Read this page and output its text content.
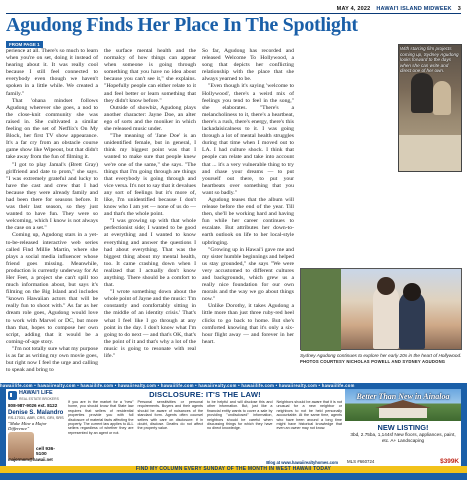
MAY 4, 2022 HAWAI'I ISLAND MIDWEEK 3
Agudong Finds Her Place In The Spotlight
FROM PAGE 1

perience at all. There's so much to learn when you're on set, doing it instead of hearing about it. It was really cool because I still feel connected to everybody even though we haven't spoken in a little while. We created a family."

That 'ohana mindset follows Agudong wherever she goes, a nod to the close-knit community she was raised in. She cultivated a similar feeling on the set of Netflix's On My Block, her first TV show appearance. It's a far cry from an obstacle course game show like Wipeout, but that didn't take away from the fun of filming it.

"I got to play Jamal's (Brett Gray) girlfriend and date to prom," she says. "I was extremely grateful and lucky to have the cast and crew that I had because they were already family and had been there for seasons before. It was their last season, so they just wanted to have fun. They were so welcoming, which I know is not always the case on a set."

Coming up, Agudong stars in a yet-to-be-released interactive web series called Find Millie Martin, where she plays a social media influencer whose friend goes missing. Meanwhile, production is currently underway for At Her Feet, a project she can't spill too much information about, but says it's filming on the Big Island and includes "known Hawaiian actors that will be really fun to shoot with." As far as her dream role goes, Agudong would love to work with Marvel or DC, but more than that, hopes to compose her own script, adding that it would be a coming-of-age story.

"I'm not totally sure what my purpose is as far as writing my own movie goes, but right now I feel the urge and calling to speak and bring to

the surface mental health and the normalcy of how things can appear when someone is going through something that you have no idea about because you can't see it," she explains. "Hopefully people can either relate to it and feel better or learn something that they didn't know before."

Outside of showbiz, Agudong plays another character: Jayne Doe, an alter ego of sorts and the moniker in which she released music under.

"The meaning of 'Jane Doe' is an unidentified female, but in general, I think my biggest point was that I wanted to make sure that people knew we're one of the same," she says. "The things that I'm going through are things that everybody is going through and vice versa. It's not to say that it devalues any sort of feelings but it's more of, like, I'm unidentified because I don't know who I am yet — none of us do — and that's the whole point.

"I was growing up with that whole perfectionist side; I wanted to be good at everything and I wanted to know everything and answer the questions I had about everything. That was the biggest thing about my mental health, too. It came crashing down when I realized that I actually don't know anything. There should be a comfort to that.

"I wrote something down about the whole point of Jayne and the music: 'I'm constantly and comfortably sitting in the middle of an identity crisis.' That's what I feel like I go through at any point in the day. I don't know what I'm going to do next — and that's OK, that's the point of it and that's why a lot of the music is going to resonate with real life."

So far, Agudong has recorded and released Welcome To Hollywood, a song that depicts her conflicting relationship with the place that she always yearned to be.

"Even though it's saying 'welcome to Hollywood', there's a weird mix of feelings you tend to feel in the song," she elaborates. "There's a melancholiness to it, there's a heartbeat, there's a rush, there's energy, there's this lackadaisicalness to it. I was going through a lot of mental health struggles during that time when I moved out to LA. I had culture shock. I think that people can relate and take into account that ... it's a very vulnerable thing to try and chase your dreams — to put yourself out there, to put your heartbeats over something that you want so badly."

Agudong teases that the album will release before the end of the year. Till then, she'll be working hard and having fun while her career continues to escalate. But attributes her down-to-earth outlook on life to her local-style upbringing.

"Growing up in Hawai'i gave me and my sister humble beginnings and helped us stay grounded," she says "We were very accustomed to different cultures and backgrounds, which grew us a really nice foundation for our own morals and the way we go about things now."

Unlike Dorothy, it takes Agudong a little more than just three ruby-red heel clicks to go back to home. But she's comforted knowing that it's only a six-hour flight away — and forever in her heart.

With starring film projects coming up, Sydney Agudong looks forward to the days when she can write and direct one of her own.
Sydney Agudong continues to explore her early 20s in the heart of Hollywood. PHOTOS COURTESY NICHOLAS POWELL AND SYDNEY AGUDONG
hawaiilife.com • hawaiirealty.com • hawaiilife.com • hawaiirealty.com • hawaiilife.com • hawaiirealty.com • hawaiilife.com • hawaiirealty.com • hawaiilife.com
HAWAI'I LIFE
REAL ESTATE BROKERS
808-987-9026 ext. 8122
Denise S. Malandro
RS-17031, ABR, CRS, GRI, SRS
"Make Mine a Major Difference"
cell 936-5100
majormom@hawaii.net
DISCLOSURE: IT'S THE LAW!
If you are in the market for a "new" home, you should know that State law requires that sellers of residential properties provide you with full disclosure of material facts affecting the property. The current law applies to ALL sellers regardless of whether they are represented by an agent or not.
Personal sensitivities or personal requirements. Buyers and their agents should be aware of nuisances of the standard form. Agents often counsel sellers with care on disclosure: if in doubt, disclose. Deaths do not affect the property value.
to be helpful and will disclose this and other information. But, just like a financial entity wants to cover a sale by providing "undisclosed" information, neighbors should be careful when discussing things for which they have no direct knowledge.
Neighbors should be aware that it is not unusual for a new neighbor or neighbors to not be held personally accountable. At the same time, agents who have been around a long time might have historical knowledge that even an owner may not know.
Blog at www.hawaiirealtyhomes.com
Better Than New in Ainaloa
NEW LISTING!
3bd, 2.75ba, 1,144sf New floors, appliances, paint, etc. A+ Landscaping
MLS #660724	$399K
FIND MY COLUMN EVERY SUNDAY OF THE MONTH IN WEST HAWAII TODAY
